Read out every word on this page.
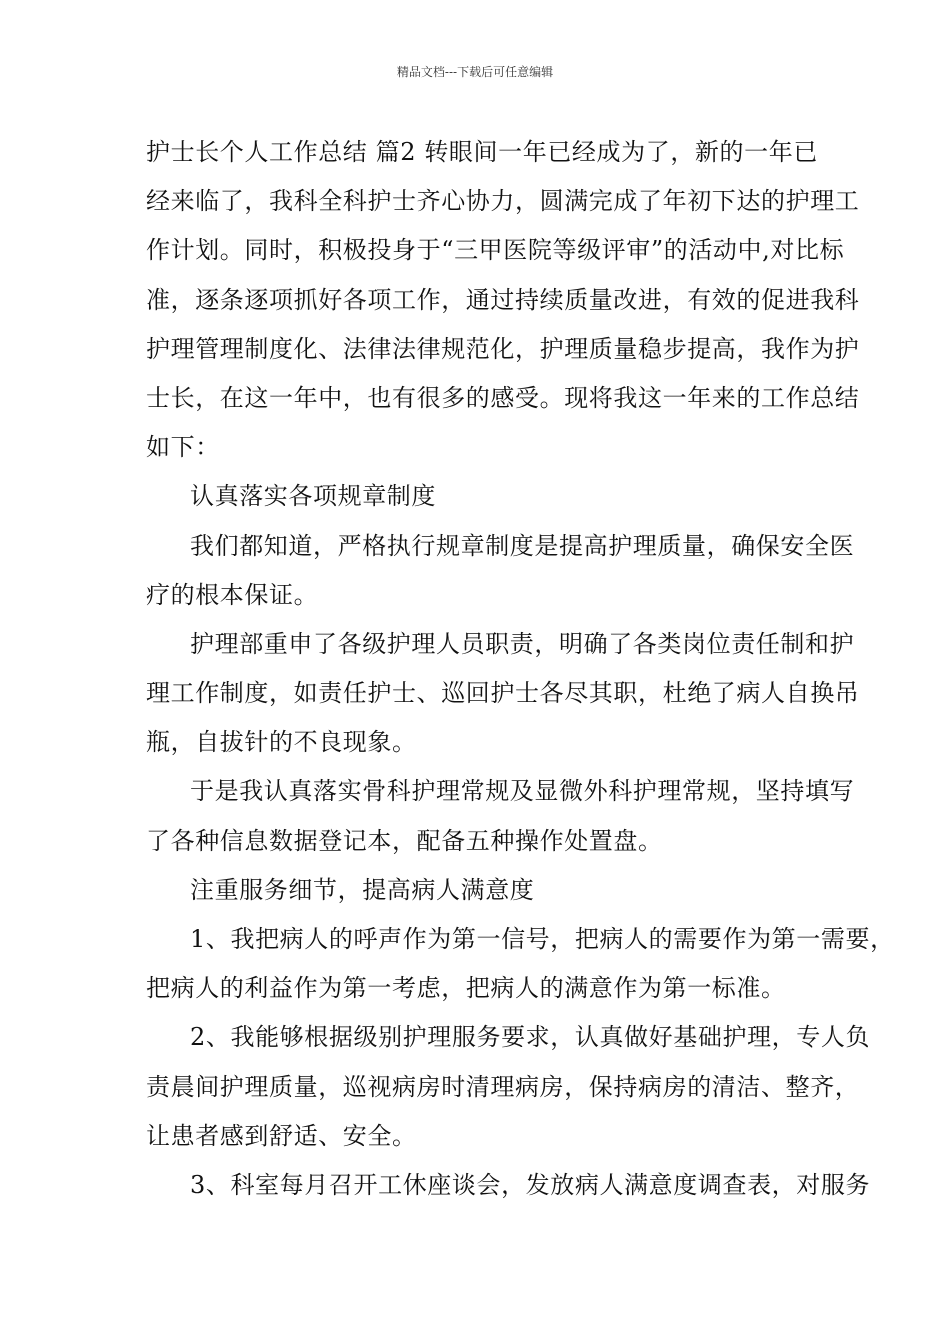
精品文档---下载后可任意编辑
护士长个人工作总结 篇2 转眼间一年已经成为了，新的一年已
经来临了，我科全科护士齐心协力，圆满完成了年初下达的护理工
作计划。同时，积极投身于“三甲医院等级评审”的活动中,对比标
准，逐条逐项抓好各项工作，通过持续质量改进，有效的促进我科
护理管理制度化、法律法律规范化，护理质量稳步提高，我作为护
士长，在这一年中，也有很多的感受。现将我这一年来的工作总结
如下：
认真落实各项规章制度
我们都知道，严格执行规章制度是提高护理质量，确保安全医
疗的根本保证。
护理部重申了各级护理人员职责，明确了各类岗位责任制和护
理工作制度，如责任护士、巡回护士各尽其职，杜绝了病人自换吊
瓶，自拔针的不良现象。
于是我认真落实骨科护理常规及显微外科护理常规，坚持填写
了各种信息数据登记本，配备五种操作处置盘。
注重服务细节，提高病人满意度
1、我把病人的呼声作为第一信号，把病人的需要作为第一需要，
把病人的利益作为第一考虑，把病人的满意作为第一标准。
2、我能够根据级别护理服务要求，认真做好基础护理，专人负
责晨间护理质量，巡视病房时清理病房，保持病房的清洁、整齐，
让患者感到舒适、安全。
3、科室每月召开工休座谈会，发放病人满意度调查表，对服务
